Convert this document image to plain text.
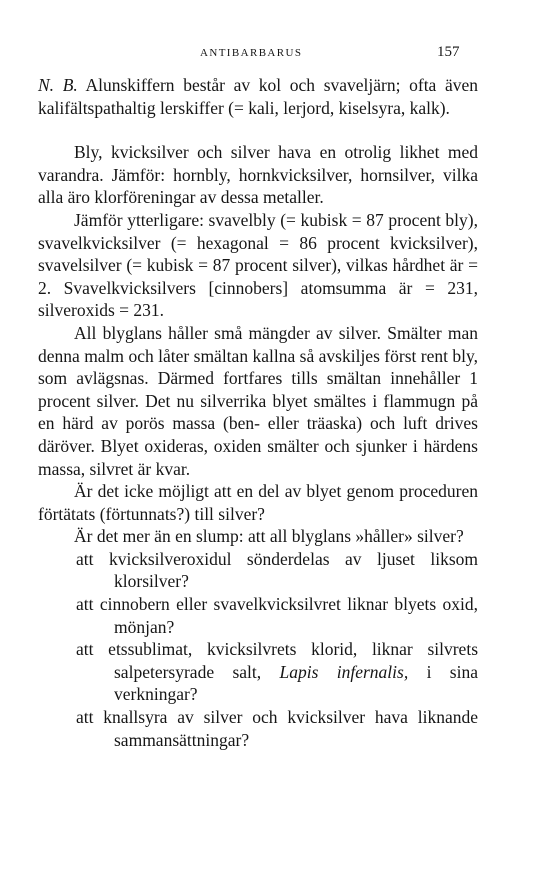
ANTIBARBARUS	157

N. B. Alunskiffern består av kol och svaveljärn; ofta även kalifältspathaltig lerskiffer (= kali, lerjord, kiselsyra, kalk).

Bly, kvicksilver och silver hava en otrolig likhet med varandra. Jämför: hornbly, hornkvicksilver, hornsilver, vilka alla äro klorföreningar av dessa metaller.

Jämför ytterligare: svavelbly (= kubisk = 87 procent bly), svavelkvicksilver (= hexagonal = 86 procent kvicksilver), svavelsilver (= kubisk = 87 procent silver), vilkas hårdhet är = 2. Svavelkvicksilvers [cinnobers] atomsumma är = 231, silveroxids = 231.

All blyglans håller små mängder av silver. Smälter man denna malm och låter smältan kallna så avskiljes först rent bly, som avlägsnas. Därmed fortfares tills smältan innehåller 1 procent silver. Det nu silverrika blyet smältes i flammugn på en härd av porös massa (ben- eller träaska) och luft drives däröver. Blyet oxideras, oxiden smälter och sjunker i härdens massa, silvret är kvar.

Är det icke möjligt att en del av blyet genom proceduren förtätats (förtunnats?) till silver?

Är det mer än en slump: att all blyglans »håller» silver?

att kvicksilveroxidul sönderdelas av ljuset liksom klorsilver?

att cinnobern eller svavelkvicksilvret liknar blyets oxid, mönjan?

att etssublimat, kvicksilvrets klorid, liknar silvrets salpetersyrade salt, Lapis infernalis, i sina verkningar?

att knallsyra av silver och kvicksilver hava liknande sammansättningar?
